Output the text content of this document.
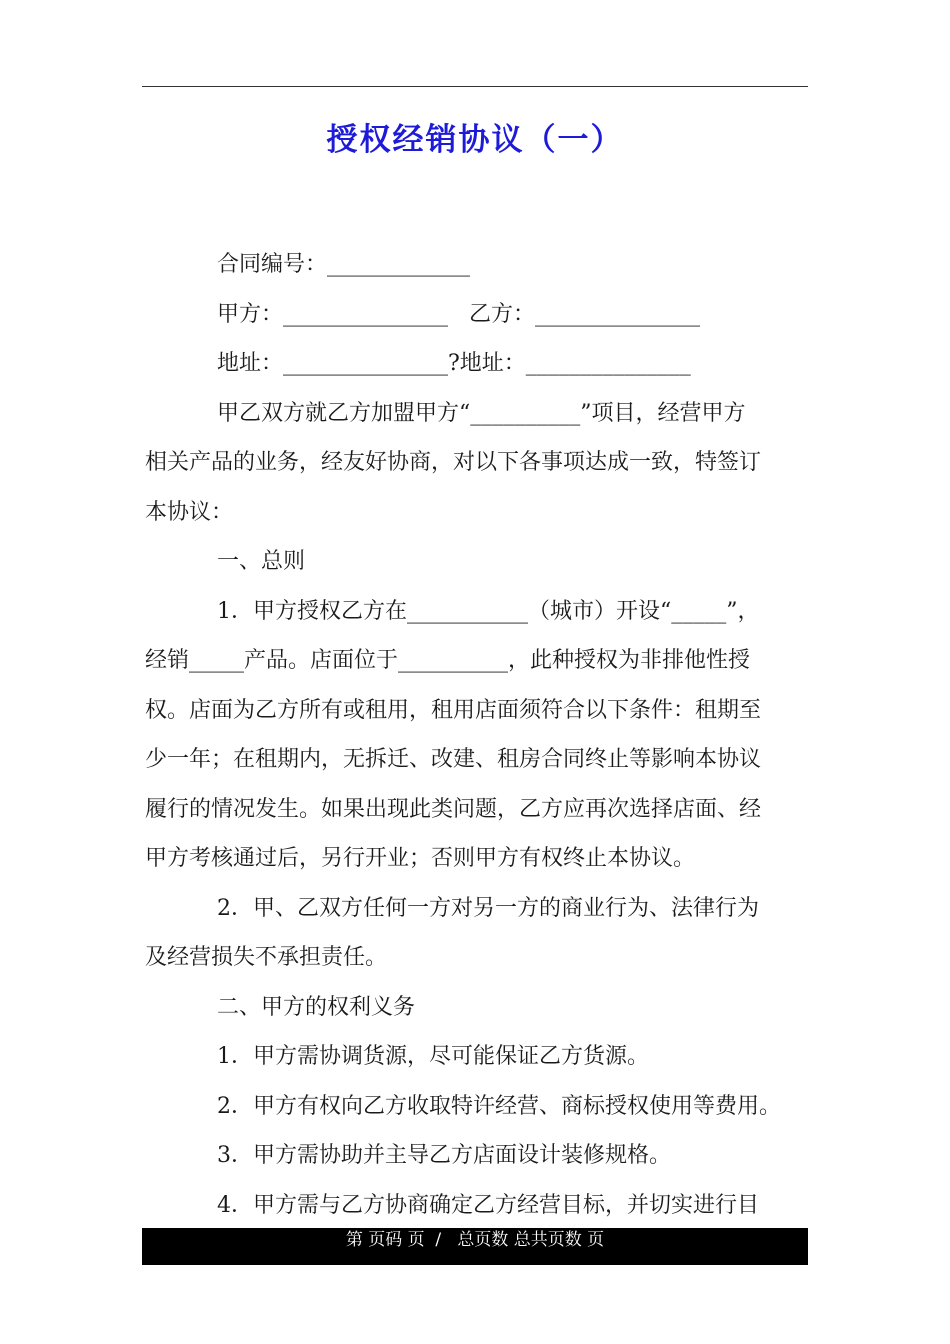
授权经销协议（一）
合同编号：_____________
甲方：_______________   乙方：_______________
地址：_______________?地址：_______________
甲乙双方就乙方加盟甲方“__________”项目，经营甲方
相关产品的业务，经友好协商，对以下各事项达成一致，特签订
本协议：
一、总则
1．甲方授权乙方在___________（城市）开设“_____”，
经销_____产品。店面位于__________，此种授权为非排他性授
权。店面为乙方所有或租用，租用店面须符合以下条件：租期至
少一年；在租期内，无拆迁、改建、租房合同终止等影响本协议
履行的情况发生。如果出现此类问题，乙方应再次选择店面、经
甲方考核通过后，另行开业；否则甲方有权终止本协议。
2．甲、乙双方任何一方对另一方的商业行为、法律行为
及经营损失不承担责任。
二、甲方的权利义务
1．甲方需协调货源，尽可能保证乙方货源。
2．甲方有权向乙方收取特许经营、商标授权使用等费用。
3．甲方需协助并主导乙方店面设计装修规格。
4．甲方需与乙方协商确定乙方经营目标，并切实进行目
第 页码 页  /   总页数 总共页数 页
